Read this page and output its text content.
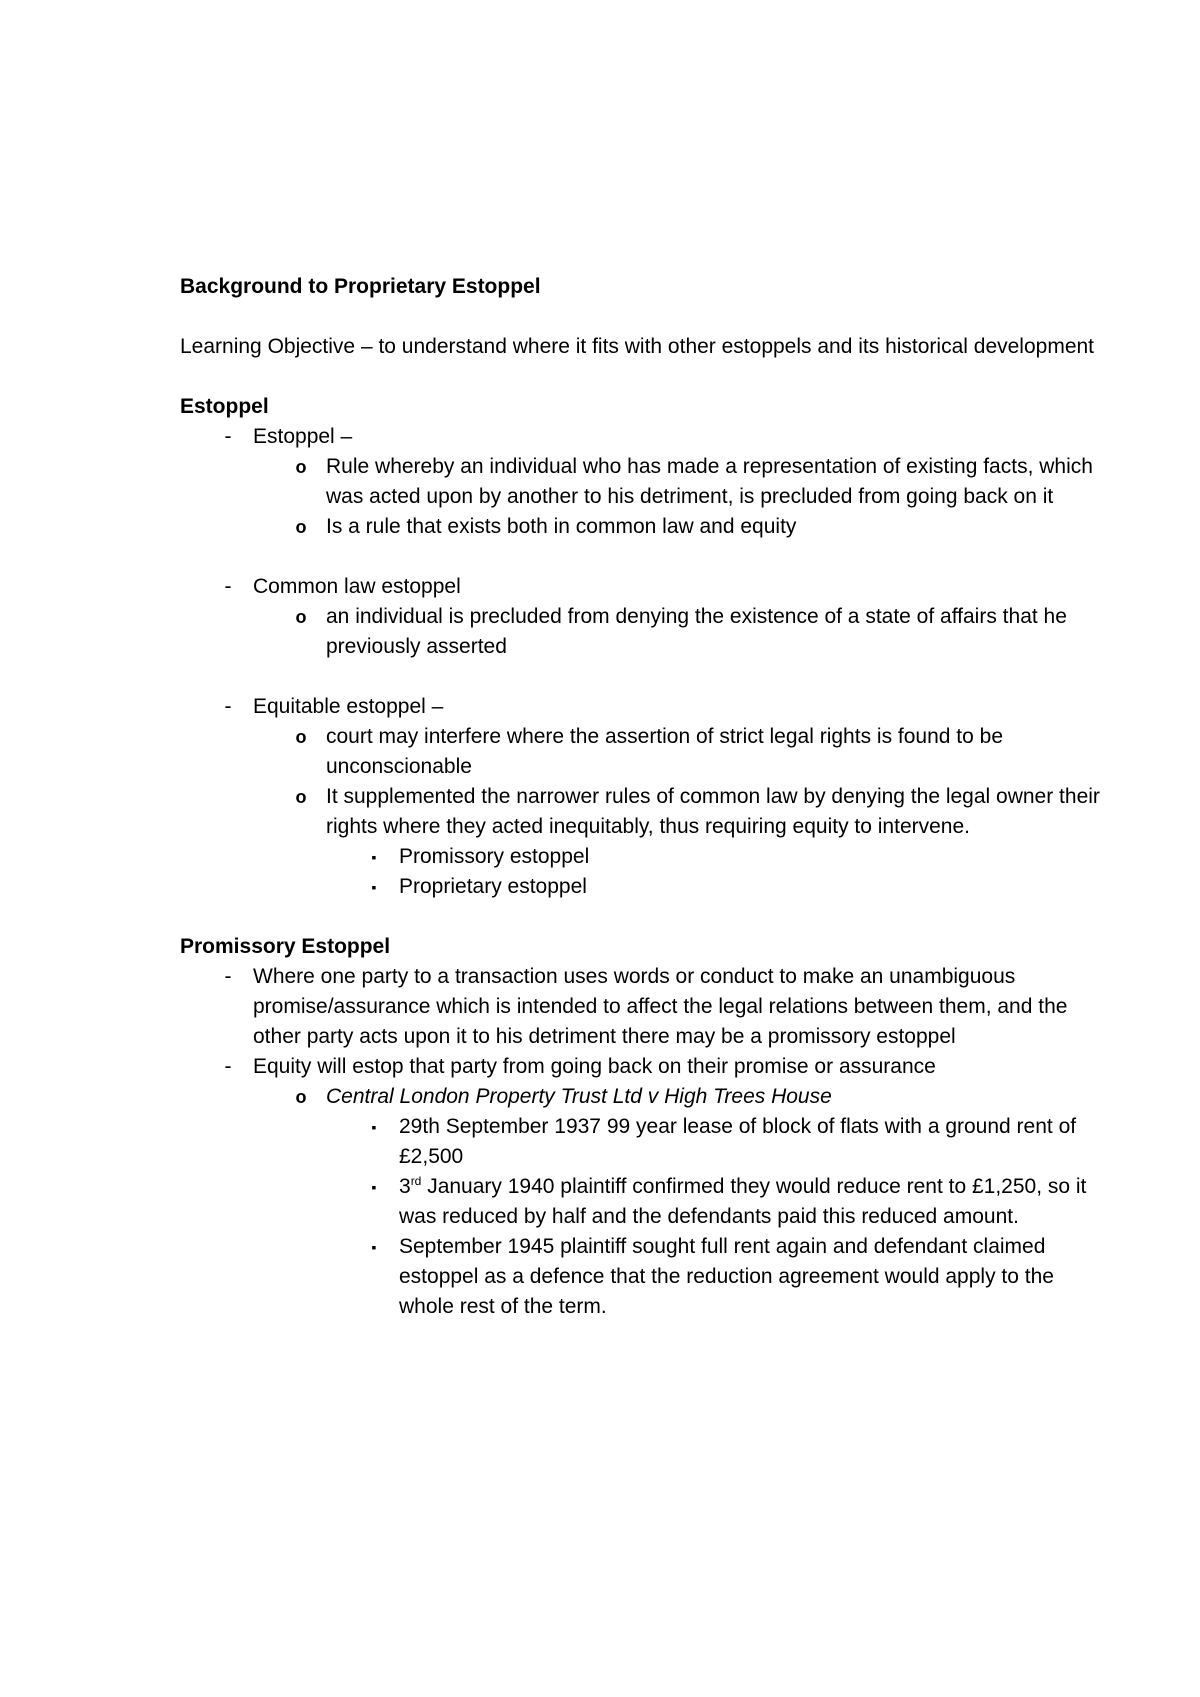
Background to Proprietary Estoppel
Learning Objective – to understand where it fits with other estoppels and its historical development
Estoppel
-	Estoppel –
o Rule whereby an individual who has made a representation of existing facts, which was acted upon by another to his detriment, is precluded from going back on it
o Is a rule that exists both in common law and equity
-	Common law estoppel
o an individual is precluded from denying the existence of a state of affairs that he previously asserted
-	Equitable estoppel –
o court may interfere where the assertion of strict legal rights is found to be unconscionable
o It supplemented the narrower rules of common law by denying the legal owner their rights where they acted inequitably, thus requiring equity to intervene.
▪	Promissory estoppel
▪	Proprietary estoppel
Promissory Estoppel
-	Where one party to a transaction uses words or conduct to make an unambiguous promise/assurance which is intended to affect the legal relations between them, and the other party acts upon it to his detriment there may be a promissory estoppel
-	Equity will estop that party from going back on their promise or assurance
o Central London Property Trust Ltd v High Trees House
▪	29th September 1937 99 year lease of block of flats with a ground rent of £2,500
▪	3rd January 1940 plaintiff confirmed they would reduce rent to £1,250, so it was reduced by half and the defendants paid this reduced amount.
▪	September 1945 plaintiff sought full rent again and defendant claimed estoppel as a defence that the reduction agreement would apply to the whole rest of the term.
